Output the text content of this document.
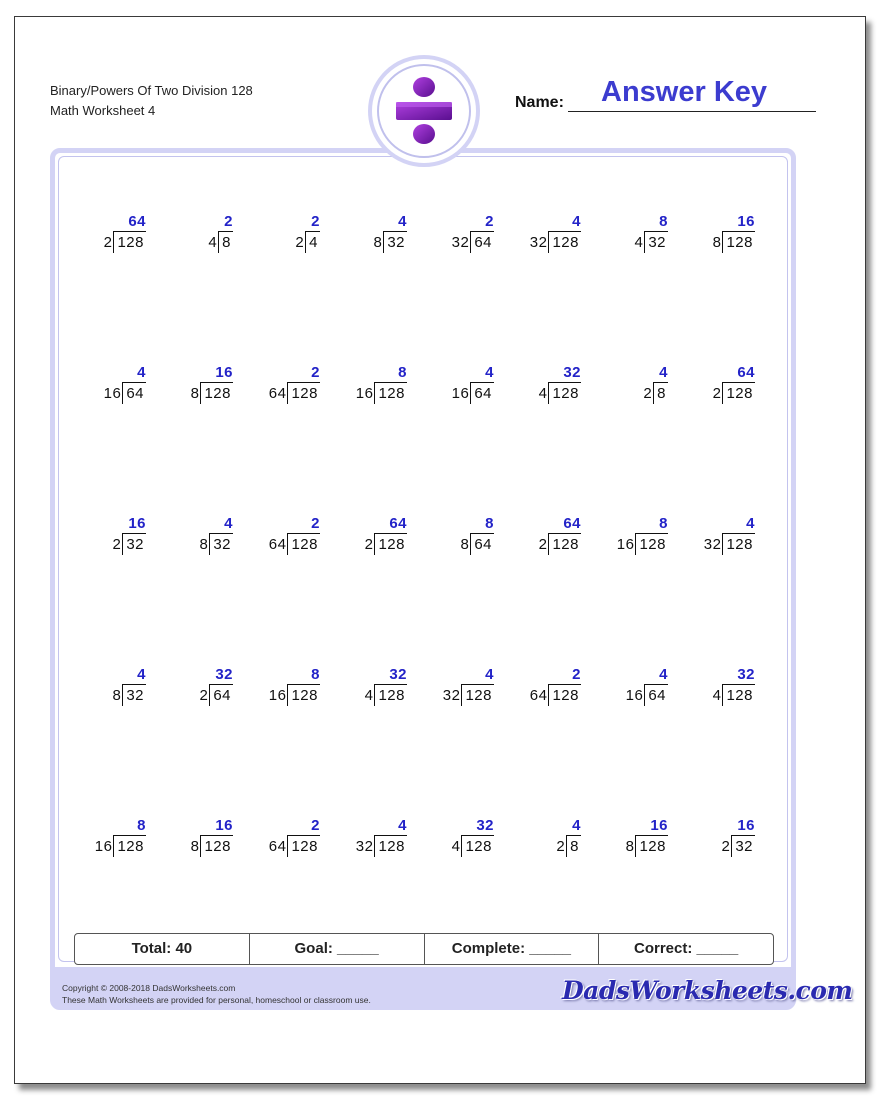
Binary/Powers Of Two Division 128
Math Worksheet 4	Name: Answer Key
64
2 128
2
4 8
2
2 4
4
8 32
2
32 64
4
32 128
8
4 32
16
8 128
4
16 64
16
8 128
2
64 128
8
16 128
4
16 64
32
4 128
4
2 8
64
2 128
16
2 32
4
8 32
2
64 128
64
2 128
8
8 64
64
2 128
8
16 128
4
32 128
4
8 32
32
2 64
8
16 128
32
4 128
4
32 128
2
64 128
4
16 64
32
4 128
8
16 128
16
8 128
2
64 128
4
32 128
32
4 128
4
2 8
16
8 128
16
2 32
Total: 40	Goal: _____	Complete: _____	Correct: _____
Copyright © 2008-2018 DadsWorksheets.com
These Math Worksheets are provided for personal, homeschool or classroom use.	DadsWorksheets.com
